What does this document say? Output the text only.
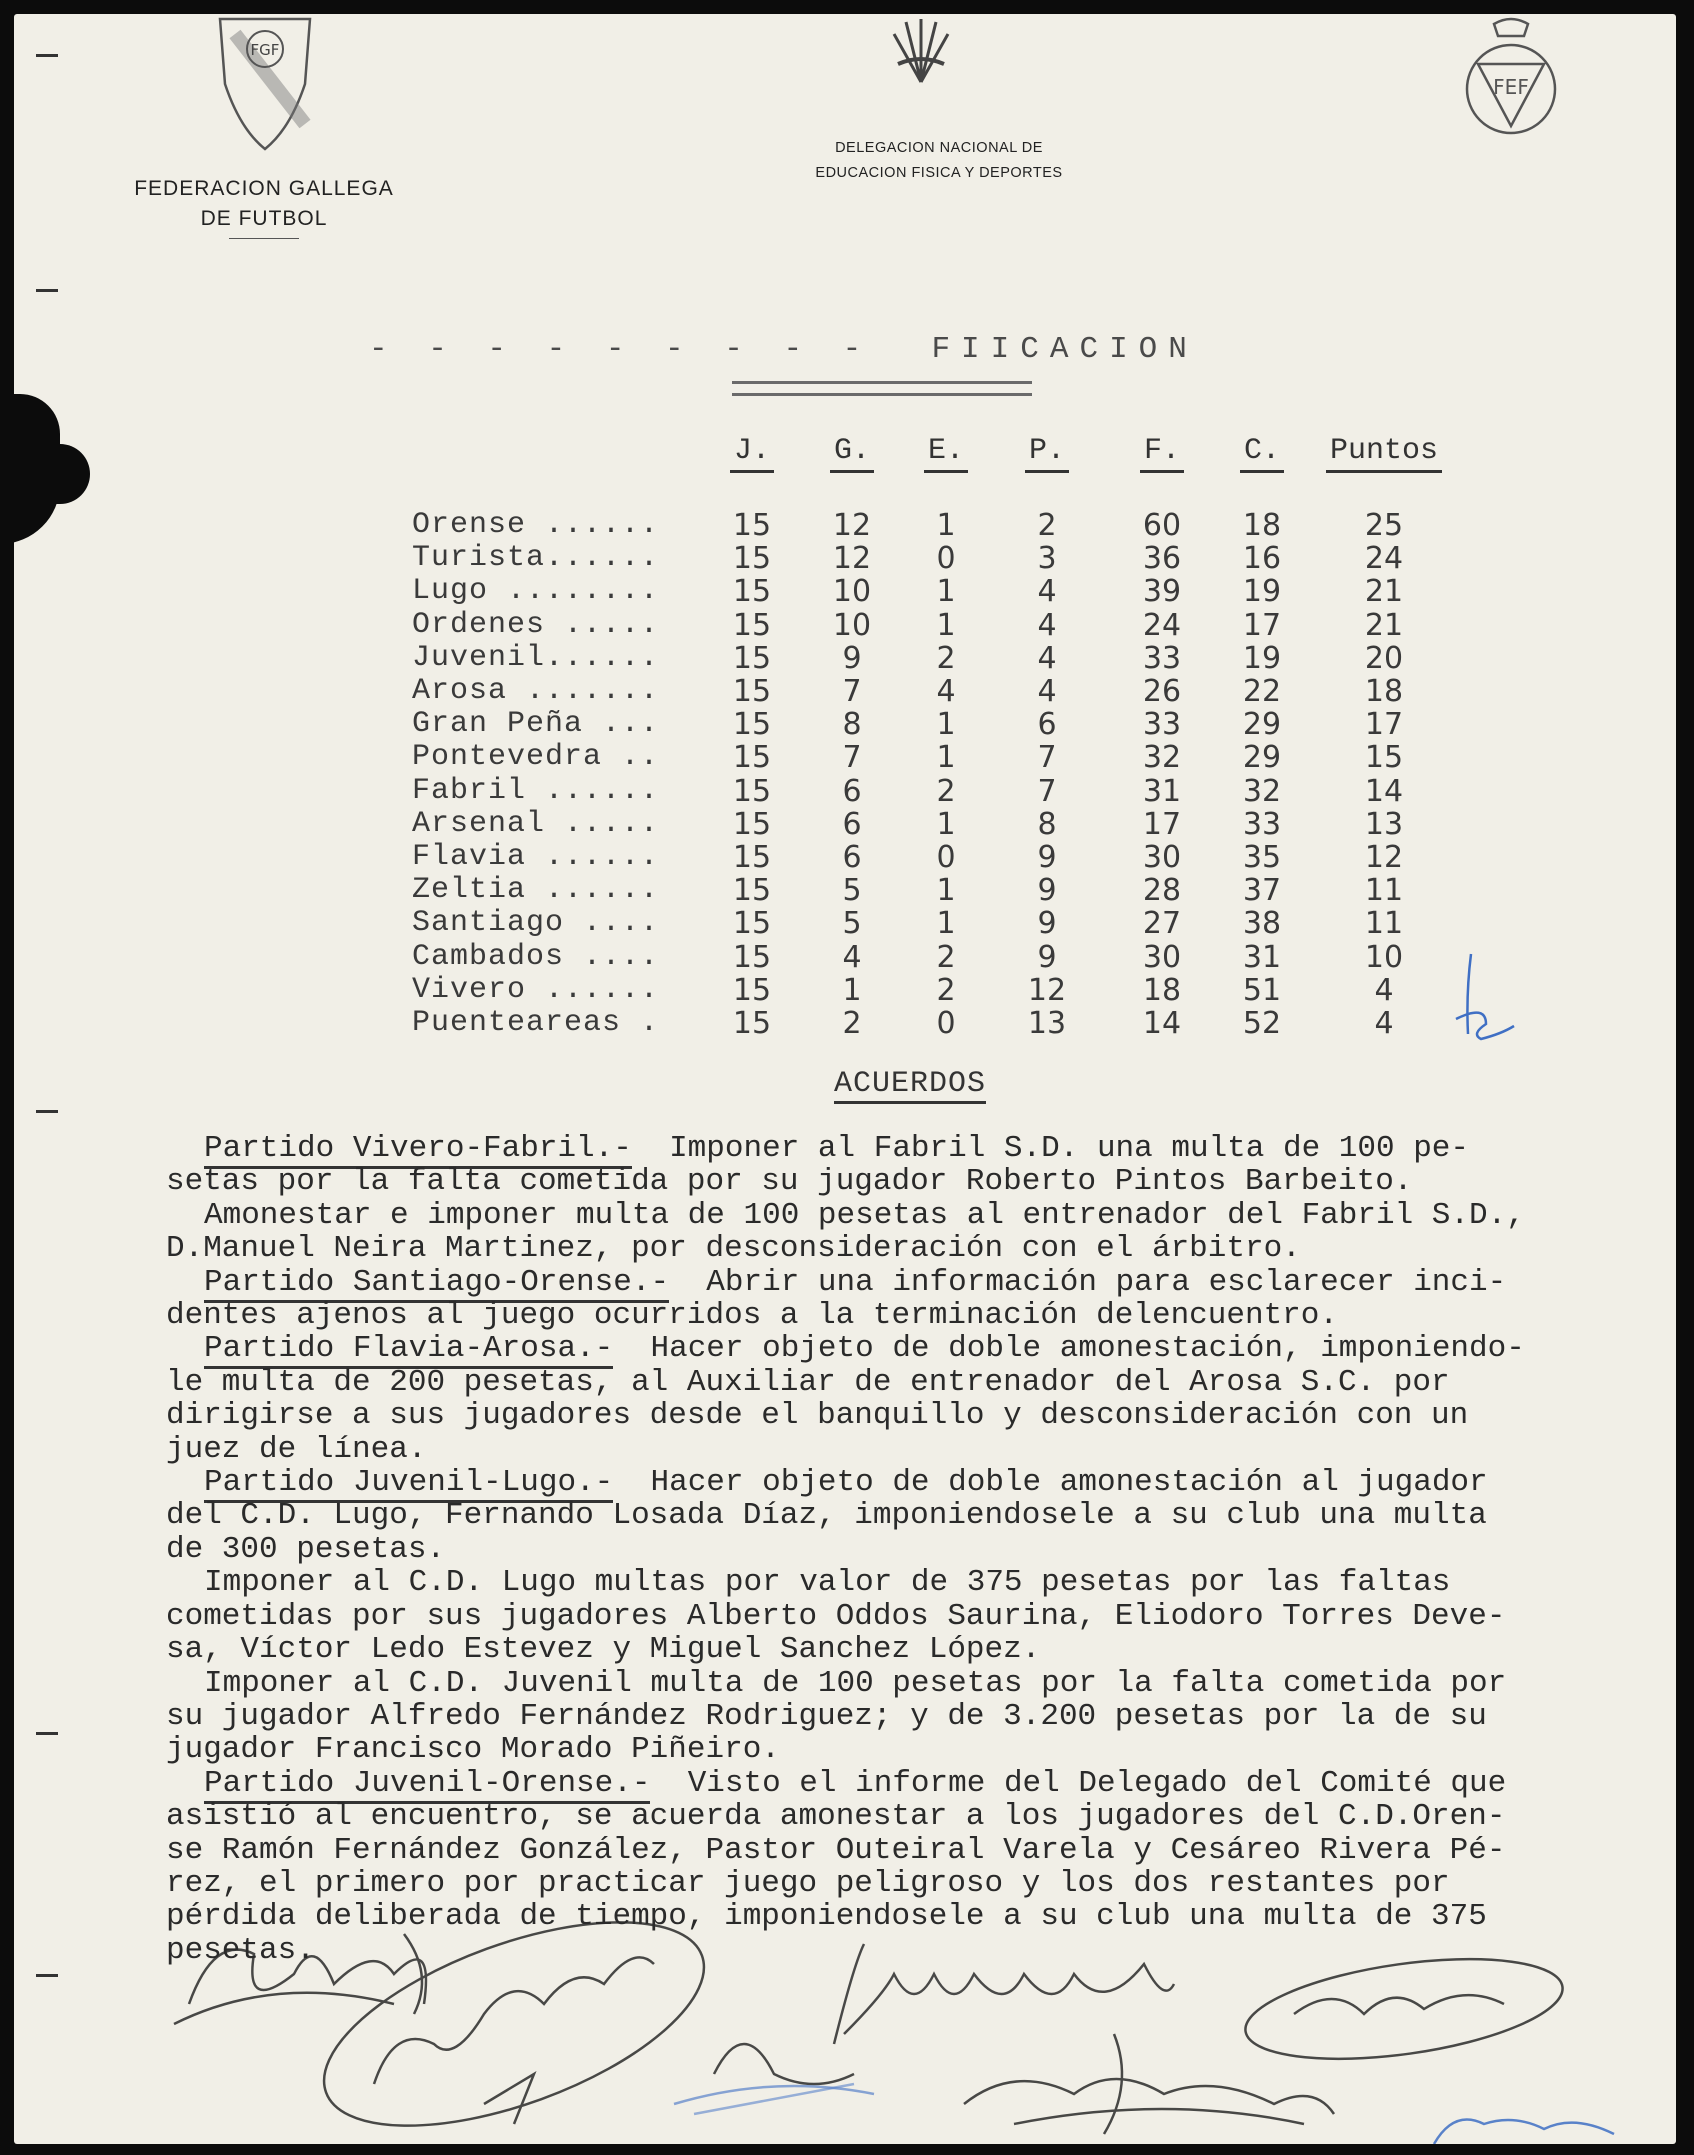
FGF
FEDERACION GALLEGA
DE FUTBOL
DELEGACION NACIONAL DE
EDUCACION FISICA Y DEPORTES
FEF
- - - - - - - - -  FIICACION
J.	G.	E.	P.	F.	C.	Puntos
Orense ......	15	12	1	2	60	18	25
Turista......	15	12	0	3	36	16	24
Lugo ........	15	10	1	4	39	19	21
Ordenes .....	15	10	1	4	24	17	21
Juvenil......	15	9	2	4	33	19	20
Arosa .......	15	7	4	4	26	22	18
Gran Peña ...	15	8	1	6	33	29	17
Pontevedra ..	15	7	1	7	32	29	15
Fabril ......	15	6	2	7	31	32	14
Arsenal .....	15	6	1	8	17	33	13
Flavia ......	15	6	0	9	30	35	12
Zeltia ......	15	5	1	9	28	37	11
Santiago ....	15	5	1	9	27	38	11
Cambados ....	15	4	2	9	30	31	10
Vivero ......	15	1	2	12	18	51	4
Puenteareas .	15	2	0	13	14	52	4
ACUERDOS

Partido Vivero-Fabril.-  Imponer al Fabril S.D. una multa de 100 pe-

setas por la falta cometida por su jugador Roberto Pintos Barbeito.

Amonestar e imponer multa de 100 pesetas al entrenador del Fabril S.D.,

D.Manuel Neira Martinez, por desconsideración con el árbitro.

Partido Santiago-Orense.-  Abrir una información para esclarecer inci-

dentes ajenos al juego ocurridos a la terminación delencuentro.

Partido Flavia-Arosa.-  Hacer objeto de doble amonestación, imponiendo-

le multa de 200 pesetas, al Auxiliar de entrenador del Arosa S.C. por

dirigirse a sus jugadores desde el banquillo y desconsideración con un

juez de línea.

Partido Juvenil-Lugo.-  Hacer objeto de doble amonestación al jugador

del C.D. Lugo, Fernando Losada Díaz, imponiendosele a su club una multa

de 300 pesetas.

Imponer al C.D. Lugo multas por valor de 375 pesetas por las faltas

cometidas por sus jugadores Alberto Oddos Saurina, Eliodoro Torres Deve-

sa, Víctor Ledo Estevez y Miguel Sanchez López.

Imponer al C.D. Juvenil multa de 100 pesetas por la falta cometida por

su jugador Alfredo Fernández Rodriguez; y de 3.200 pesetas por la de su

jugador Francisco Morado Piñeiro.

Partido Juvenil-Orense.-  Visto el informe del Delegado del Comité que

asistió al encuentro, se acuerda amonestar a los jugadores del C.D.Oren-

se Ramón Fernández González, Pastor Outeiral Varela y Cesáreo Rivera Pé-

rez, el primero por practicar juego peligroso y los dos restantes por

pérdida deliberada de tiempo, imponiendosele a su club una multa de 375

pesetas.
